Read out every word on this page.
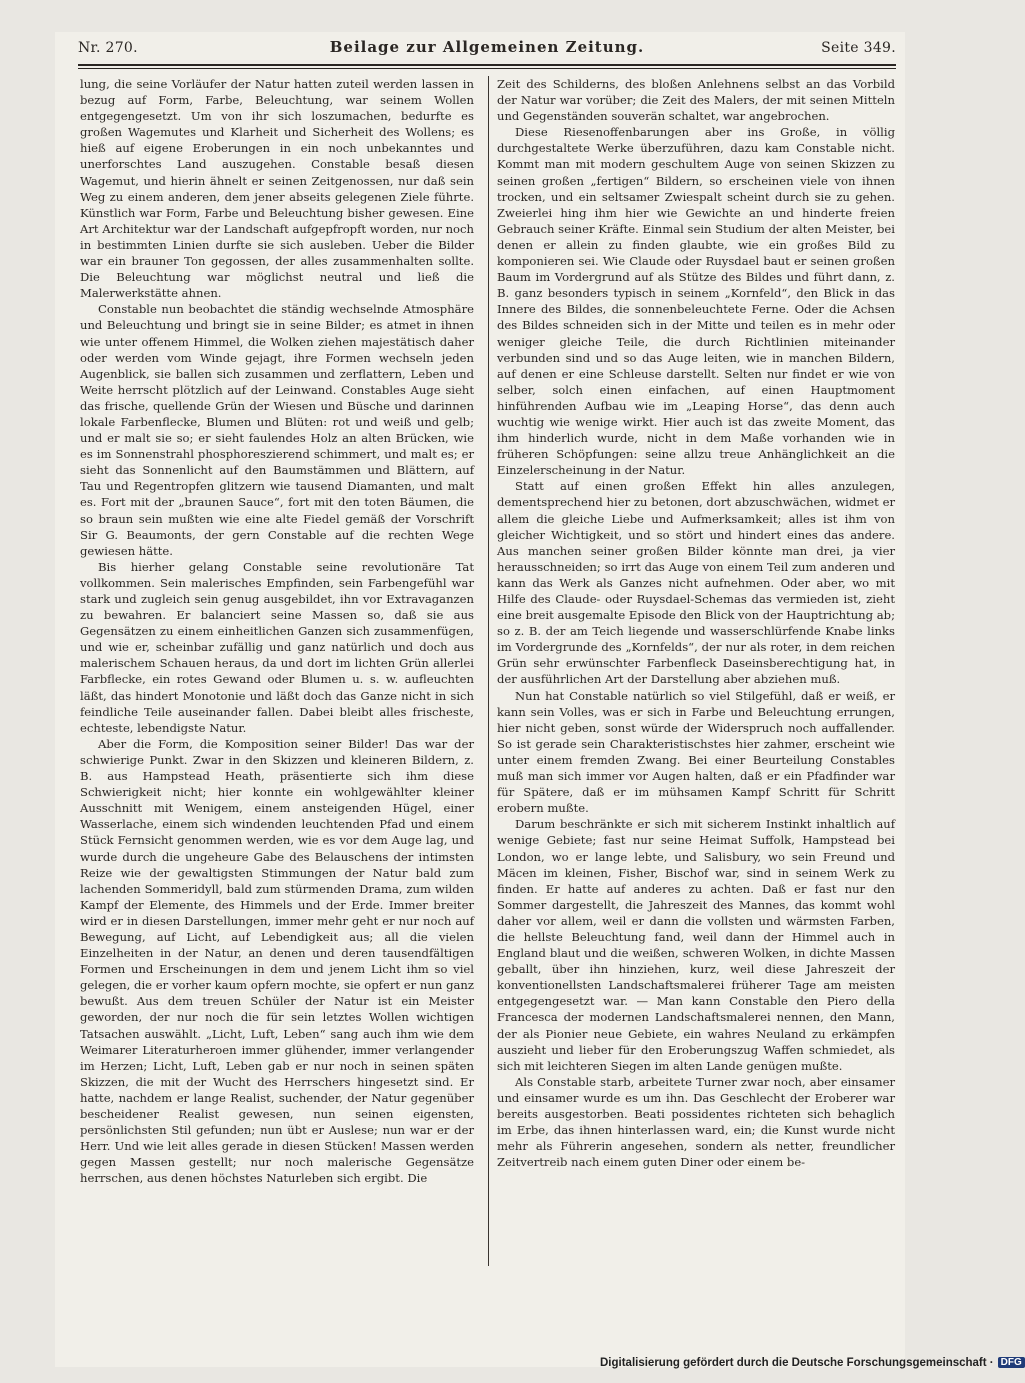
Nr. 270.	Beilage zur Allgemeinen Zeitung.	Seite 349.

lung, die seine Vorläufer der Natur hatten zuteil werden lassen in bezug auf Form, Farbe, Beleuchtung, war seinem Wollen entgegengesetzt. Um von ihr sich loszumachen, bedurfte es großen Wagemutes und Klarheit und Sicherheit des Wollens; es hieß auf eigene Eroberungen in ein noch unbekanntes und unerforschtes Land auszugehen. Constable besaß diesen Wagemut, und hierin ähnelt er seinen Zeitgenossen, nur daß sein Weg zu einem anderen, dem jener abseits gelegenen Ziele führte. Künstlich war Form, Farbe und Beleuchtung bisher gewesen. Eine Art Architektur war der Landschaft aufgepfropft worden, nur noch in bestimmten Linien durfte sie sich ausleben. Ueber die Bilder war ein brauner Ton gegossen, der alles zusammenhalten sollte. Die Beleuchtung war möglichst neutral und ließ die Malerwerkstätte ahnen.

Constable nun beobachtet die ständig wechselnde Atmosphäre und Beleuchtung und bringt sie in seine Bilder; es atmet in ihnen wie unter offenem Himmel, die Wolken ziehen majestätisch daher oder werden vom Winde gejagt, ihre Formen wechseln jeden Augenblick, sie ballen sich zusammen und zerflattern, Leben und Weite herrscht plötzlich auf der Leinwand. Constables Auge sieht das frische, quellende Grün der Wiesen und Büsche und darinnen lokale Farbenflecke, Blumen und Blüten: rot und weiß und gelb; und er malt sie so; er sieht faulendes Holz an alten Brücken, wie es im Sonnenstrahl phosphoreszierend schimmert, und malt es; er sieht das Sonnenlicht auf den Baumstämmen und Blättern, auf Tau und Regentropfen glitzern wie tausend Diamanten, und malt es. Fort mit der „braunen Sauce“, fort mit den toten Bäumen, die so braun sein mußten wie eine alte Fiedel gemäß der Vorschrift Sir G. Beaumonts, der gern Constable auf die rechten Wege gewiesen hätte.

Bis hierher gelang Constable seine revolutionäre Tat vollkommen. Sein malerisches Empfinden, sein Farbengefühl war stark und zugleich sein genug ausgebildet, ihn vor Extravaganzen zu bewahren. Er balanciert seine Massen so, daß sie aus Gegensätzen zu einem einheitlichen Ganzen sich zusammenfügen, und wie er, scheinbar zufällig und ganz natürlich und doch aus malerischem Schauen heraus, da und dort im lichten Grün allerlei Farbflecke, ein rotes Gewand oder Blumen u. s. w. aufleuchten läßt, das hindert Monotonie und läßt doch das Ganze nicht in sich feindliche Teile auseinander fallen. Dabei bleibt alles frischeste, echteste, lebendigste Natur.

Aber die Form, die Komposition seiner Bilder! Das war der schwierige Punkt. Zwar in den Skizzen und kleineren Bildern, z. B. aus Hampstead Heath, präsentierte sich ihm diese Schwierigkeit nicht; hier konnte ein wohlgewählter kleiner Ausschnitt mit Wenigem, einem ansteigenden Hügel, einer Wasserlache, einem sich windenden leuchtenden Pfad und einem Stück Fernsicht genommen werden, wie es vor dem Auge lag, und wurde durch die ungeheure Gabe des Belauschens der intimsten Reize wie der gewaltigsten Stimmungen der Natur bald zum lachenden Sommeridyll, bald zum stürmenden Drama, zum wilden Kampf der Elemente, des Himmels und der Erde. Immer breiter wird er in diesen Darstellungen, immer mehr geht er nur noch auf Bewegung, auf Licht, auf Lebendigkeit aus; all die vielen Einzelheiten in der Natur, an denen und deren tausendfältigen Formen und Erscheinungen in dem und jenem Licht ihm so viel gelegen, die er vorher kaum opfern mochte, sie opfert er nun ganz bewußt. Aus dem treuen Schüler der Natur ist ein Meister geworden, der nur noch die für sein letztes Wollen wichtigen Tatsachen auswählt. „Licht, Luft, Leben“ sang auch ihm wie dem Weimarer Literaturheroen immer glühender, immer verlangender im Herzen; Licht, Luft, Leben gab er nur noch in seinen späten Skizzen, die mit der Wucht des Herrschers hingesetzt sind. Er hatte, nachdem er lange Realist, suchender, der Natur gegenüber bescheidener Realist gewesen, nun seinen eigensten, persönlichsten Stil gefunden; nun übt er Auslese; nun war er der Herr. Und wie leit alles gerade in diesen Stücken! Massen werden gegen Massen gestellt; nur noch malerische Gegensätze herrschen, aus denen höchstes Naturleben sich ergibt. Die

Zeit des Schilderns, des bloßen Anlehnens selbst an das Vorbild der Natur war vorüber; die Zeit des Malers, der mit seinen Mitteln und Gegenständen souverän schaltet, war angebrochen.

Diese Riesenoffenbarungen aber ins Große, in völlig durchgestaltete Werke überzuführen, dazu kam Constable nicht. Kommt man mit modern geschultem Auge von seinen Skizzen zu seinen großen „fertigen“ Bildern, so erscheinen viele von ihnen trocken, und ein seltsamer Zwiespalt scheint durch sie zu gehen. Zweierlei hing ihm hier wie Gewichte an und hinderte freien Gebrauch seiner Kräfte. Einmal sein Studium der alten Meister, bei denen er allein zu finden glaubte, wie ein großes Bild zu komponieren sei. Wie Claude oder Ruysdael baut er seinen großen Baum im Vordergrund auf als Stütze des Bildes und führt dann, z. B. ganz besonders typisch in seinem „Kornfeld“, den Blick in das Innere des Bildes, die sonnenbeleuchtete Ferne. Oder die Achsen des Bildes schneiden sich in der Mitte und teilen es in mehr oder weniger gleiche Teile, die durch Richtlinien miteinander verbunden sind und so das Auge leiten, wie in manchen Bildern, auf denen er eine Schleuse darstellt. Selten nur findet er wie von selber, solch einen einfachen, auf einen Hauptmoment hinführenden Aufbau wie im „Leaping Horse“, das denn auch wuchtig wie wenige wirkt. Hier auch ist das zweite Moment, das ihm hinderlich wurde, nicht in dem Maße vorhanden wie in früheren Schöpfungen: seine allzu treue Anhänglichkeit an die Einzelerscheinung in der Natur.

Statt auf einen großen Effekt hin alles anzulegen, dementsprechend hier zu betonen, dort abzuschwächen, widmet er allem die gleiche Liebe und Aufmerksamkeit; alles ist ihm von gleicher Wichtigkeit, und so stört und hindert eines das andere. Aus manchen seiner großen Bilder könnte man drei, ja vier herausschneiden; so irrt das Auge von einem Teil zum anderen und kann das Werk als Ganzes nicht aufnehmen. Oder aber, wo mit Hilfe des Claude- oder Ruysdael-Schemas das vermieden ist, zieht eine breit ausgemalte Episode den Blick von der Hauptrichtung ab; so z. B. der am Teich liegende und wasserschlürfende Knabe links im Vordergrunde des „Kornfelds“, der nur als roter, in dem reichen Grün sehr erwünschter Farbenfleck Daseinsberechtigung hat, in der ausführlichen Art der Darstellung aber abziehen muß.

Nun hat Constable natürlich so viel Stilgefühl, daß er weiß, er kann sein Volles, was er sich in Farbe und Beleuchtung errungen, hier nicht geben, sonst würde der Widerspruch noch auffallender. So ist gerade sein Charakteristischstes hier zahmer, erscheint wie unter einem fremden Zwang. Bei einer Beurteilung Constables muß man sich immer vor Augen halten, daß er ein Pfadfinder war für Spätere, daß er im mühsamen Kampf Schritt für Schritt erobern mußte.

Darum beschränkte er sich mit sicherem Instinkt inhaltlich auf wenige Gebiete; fast nur seine Heimat Suffolk, Hampstead bei London, wo er lange lebte, und Salisbury, wo sein Freund und Mäcen im kleinen, Fisher, Bischof war, sind in seinem Werk zu finden. Er hatte auf anderes zu achten. Daß er fast nur den Sommer dargestellt, die Jahreszeit des Mannes, das kommt wohl daher vor allem, weil er dann die vollsten und wärmsten Farben, die hellste Beleuchtung fand, weil dann der Himmel auch in England blaut und die weißen, schweren Wolken, in dichte Massen geballt, über ihn hinziehen, kurz, weil diese Jahreszeit der konventionellsten Landschaftsmalerei früherer Tage am meisten entgegengesetzt war. — Man kann Constable den Piero della Francesca der modernen Landschaftsmalerei nennen, den Mann, der als Pionier neue Gebiete, ein wahres Neuland zu erkämpfen auszieht und lieber für den Eroberungszug Waffen schmiedet, als sich mit leichteren Siegen im alten Lande genügen mußte.

Als Constable starb, arbeitete Turner zwar noch, aber einsamer und einsamer wurde es um ihn. Das Geschlecht der Eroberer war bereits ausgestorben. Beati possidentes richteten sich behaglich im Erbe, das ihnen hinterlassen ward, ein; die Kunst wurde nicht mehr als Führerin angesehen, sondern als netter, freundlicher Zeitvertreib nach einem guten Diner oder einem be-

Digitalisierung gefördert durch die Deutsche Forschungsgemeinschaft · DFG
